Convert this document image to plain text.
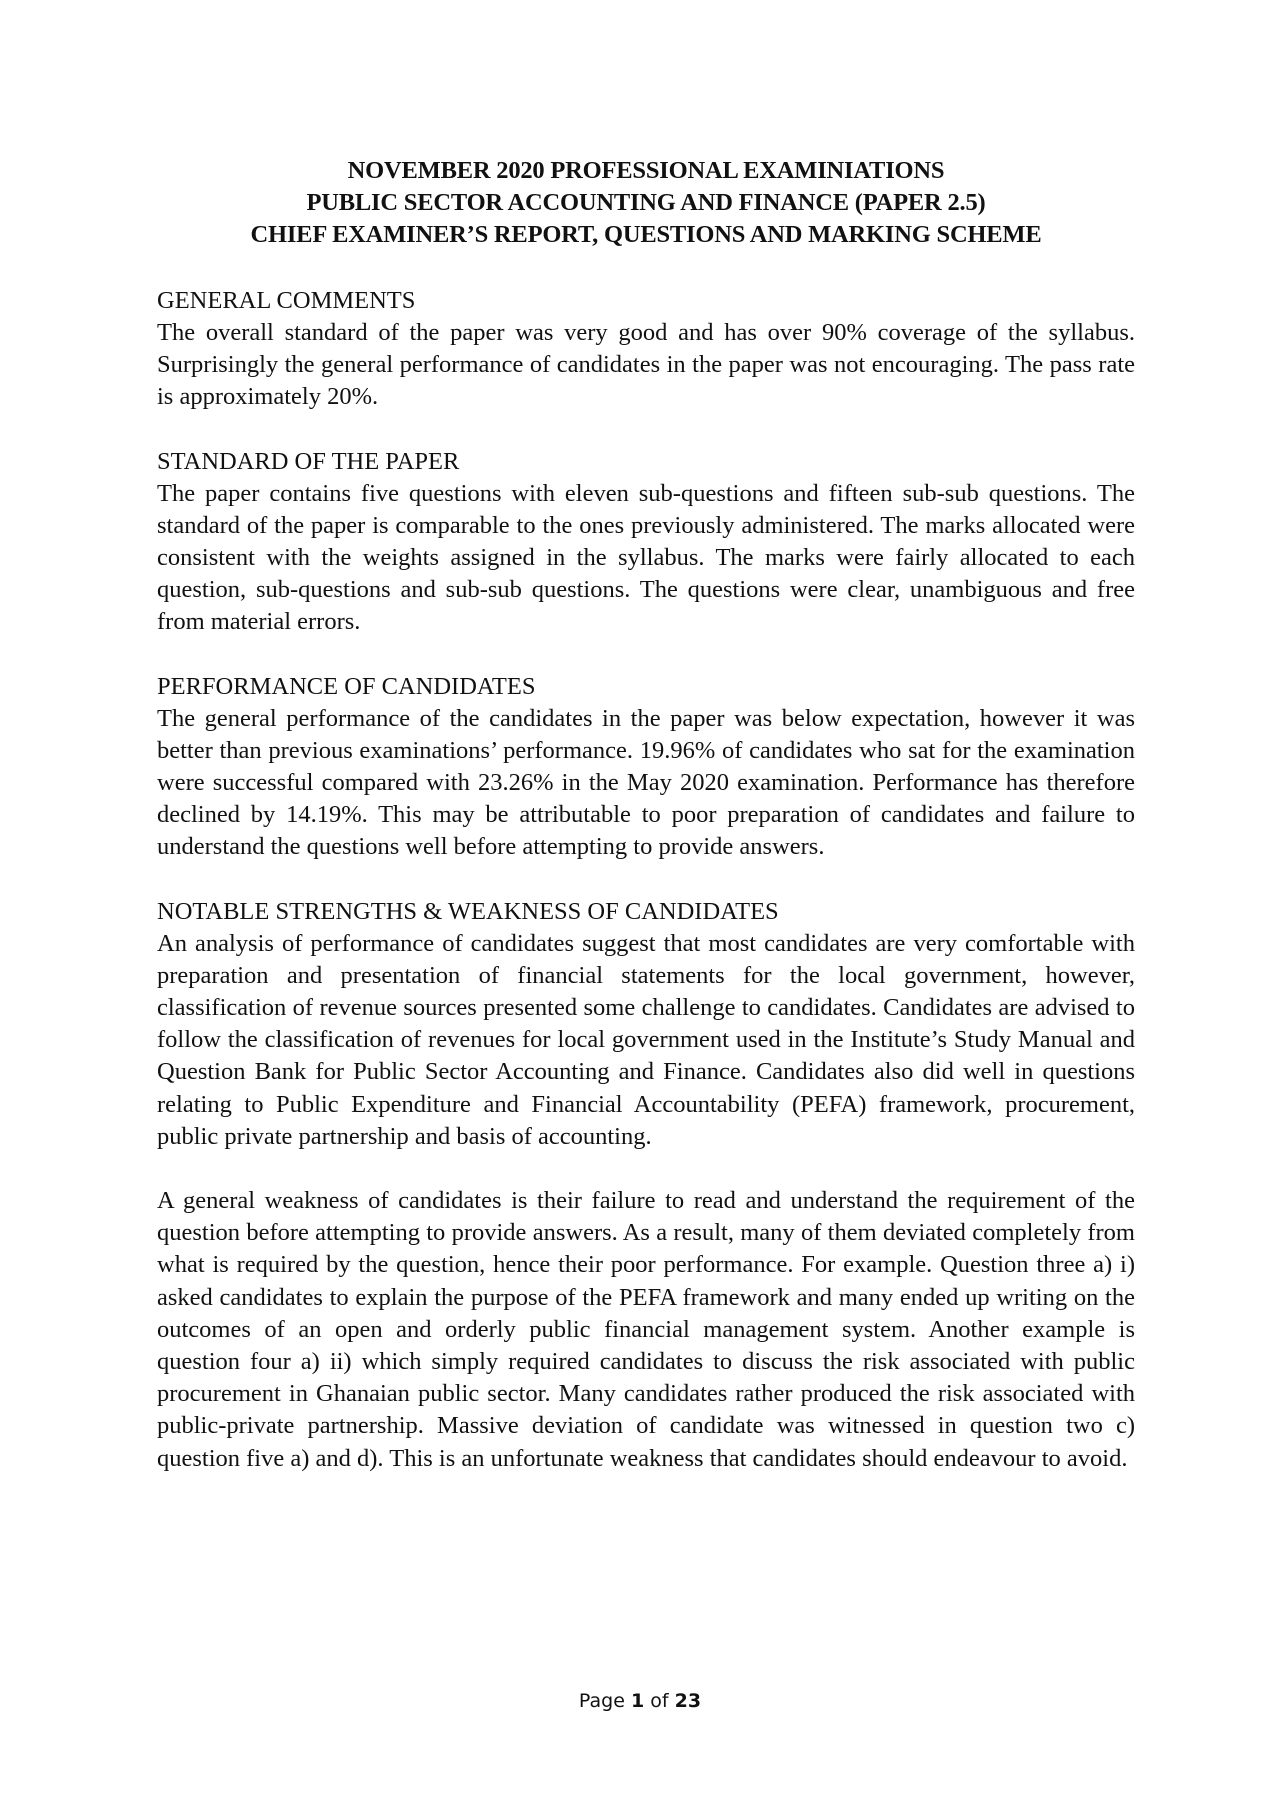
NOVEMBER 2020 PROFESSIONAL EXAMINIATIONS
PUBLIC SECTOR ACCOUNTING AND FINANCE (PAPER 2.5)
CHIEF EXAMINER’S REPORT, QUESTIONS AND MARKING SCHEME
GENERAL COMMENTS

The overall standard of the paper was very good and has over 90% coverage of the syllabus. Surprisingly the general performance of candidates in the paper was not encouraging. The pass rate is approximately 20%.

STANDARD OF THE PAPER

The paper contains five questions with eleven sub-questions and fifteen sub-sub questions. The standard of the paper is comparable to the ones previously administered. The marks allocated were consistent with the weights assigned in the syllabus. The marks were fairly allocated to each question, sub-questions and sub-sub questions. The questions were clear, unambiguous and free from material errors.

PERFORMANCE OF CANDIDATES

The general performance of the candidates in the paper was below expectation, however it was better than previous examinations’ performance. 19.96% of candidates who sat for the examination were successful compared with 23.26% in the May 2020 examination. Performance has therefore declined by 14.19%. This may be attributable to poor preparation of candidates and failure to understand the questions well before attempting to provide answers.

NOTABLE STRENGTHS & WEAKNESS OF CANDIDATES

An analysis of performance of candidates suggest that most candidates are very comfortable with preparation and presentation of financial statements for the local government, however, classification of revenue sources presented some challenge to candidates. Candidates are advised to follow the classification of revenues for local government used in the Institute’s Study Manual and Question Bank for Public Sector Accounting and Finance. Candidates also did well in questions relating to Public Expenditure and Financial Accountability (PEFA) framework, procurement, public private partnership and basis of accounting.

A general weakness of candidates is their failure to read and understand the requirement of the question before attempting to provide answers. As a result, many of them deviated completely from what is required by the question, hence their poor performance. For example. Question three a) i) asked candidates to explain the purpose of the PEFA framework and many ended up writing on the outcomes of an open and orderly public financial management system. Another example is question four a) ii) which simply required candidates to discuss the risk associated with public procurement in Ghanaian public sector. Many candidates rather produced the risk associated with public-private partnership. Massive deviation of candidate was witnessed in question two c) question five a) and d). This is an unfortunate weakness that candidates should endeavour to avoid.

Page 1 of 23
